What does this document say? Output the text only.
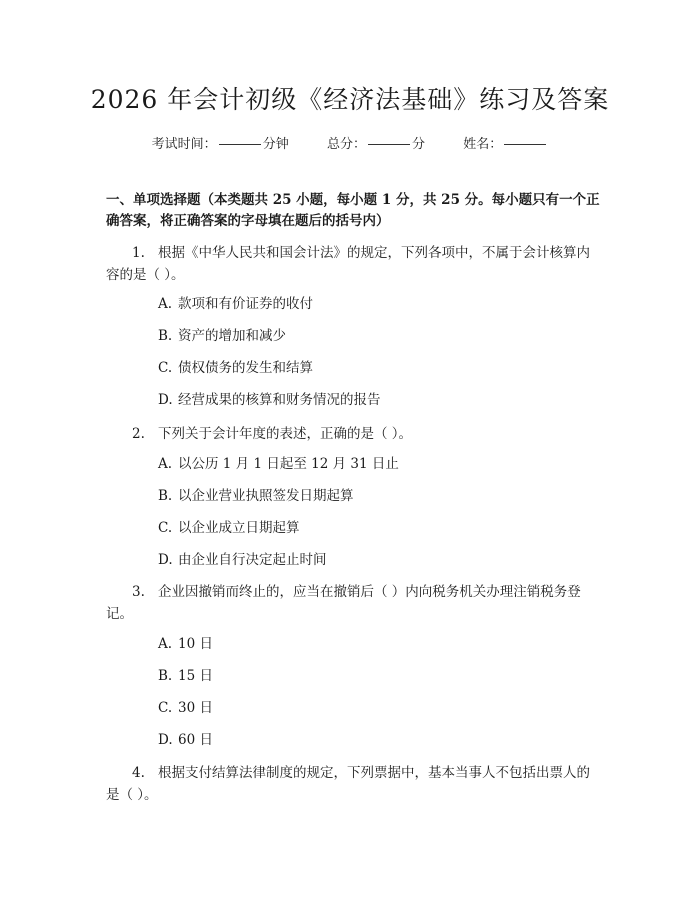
2026 年会计初级《经济法基础》练习及答案
考试时间：	分钟	总分：	分	姓名：
一、单项选择题（本类题共 25 小题，每小题 1 分，共 25 分。每小题只有一个正确答案，将正确答案的字母填在题后的括号内）
1. 根据《中华人民共和国会计法》的规定，下列各项中，不属于会计核算内容的是（ ）。
A. 款项和有价证券的收付
B. 资产的增加和减少
C. 债权债务的发生和结算
D. 经营成果的核算和财务情况的报告
2. 下列关于会计年度的表述，正确的是（ ）。
A. 以公历 1 月 1 日起至 12 月 31 日止
B. 以企业营业执照签发日期起算
C. 以企业成立日期起算
D. 由企业自行决定起止时间
3. 企业因撤销而终止的，应当在撤销后（ ）内向税务机关办理注销税务登记。
A. 10 日
B. 15 日
C. 30 日
D. 60 日
4. 根据支付结算法律制度的规定，下列票据中，基本当事人不包括出票人的是（ ）。
